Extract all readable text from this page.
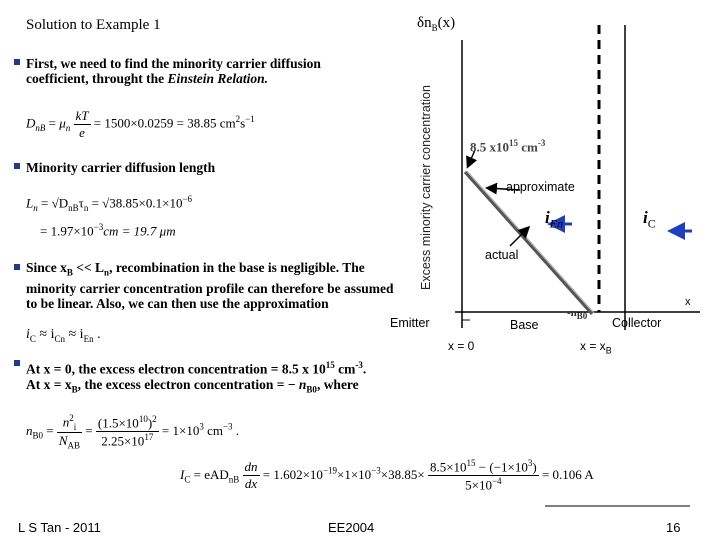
Solution to Example 1
First, we need to find the minority carrier diffusion
coefficient, throught the Einstein Relation.
$D_{nB} = \mu_n \frac{kT}{e} = 1500\times 0.0259 = 38.85$ $cm^2s^{-1}$
Minority carrier diffusion length
$L_n = √D_{nB}\tau_n = √38.85\times 0.1\times 10^{-6}$
= $1.97\times 10^{-3}cm = 19.7$ μm
Since $x_B << L_n$, recombination in the base is negligible. The
minority carrier concentration profile can therefore be assumed
to be linear. Also, we can then use the approximation
$i_C \approx i_{Cn} \approx i_{En}$ .
At x = 0, the excess electron concentration = 8.5 x $10^{15}$ $cm^{-3}$.
At $x = x_B$, the excess electron concentration = − $n_{B0}$, where
$n_{B0} = \frac{n^2_i}{N_{AB}} = \frac{(1.5\times 10^{10})^2}{2.25\times 10^{17}} = 1\times 10^3$ $cm^{-3}$ .
$I_C = eAD_{nB} \frac{dn}{dx} = 1.602\times 10^{-19}\times 1\times 10^{-3}\times 38.85\times \frac{8.5\times 10^{15} - (-1\times 10^3)}{5\times 10^{-4}} = 0.106$ A
Excess minority carrier concentration
$\delta n_B(x)$
8.5 $x10^{15}$ $cm^{-3}$
approximate
actual
$i_{En}$	$i_C$
x
Emitter	Base	Collector
$-n_{B0}$
x = 0	$x = x_B$
L S Tan - 2011	EE2004	16
